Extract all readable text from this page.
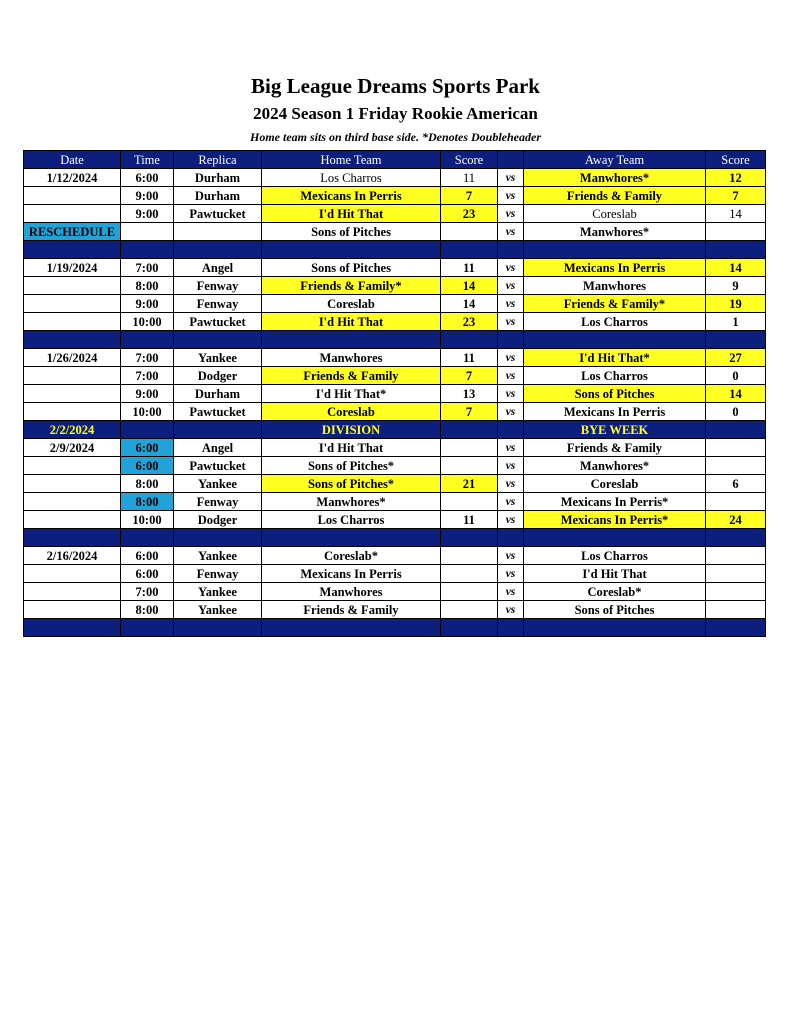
Big League Dreams Sports Park
2024 Season 1 Friday Rookie American
Home team sits on third base side. *Denotes Doubleheader
Date	Time	Replica	Home Team	Score		Away Team	Score
1/12/2024	6:00	Durham	Los Charros	11	vs	Manwhores*	12
	9:00	Durham	Mexicans In Perris	7	vs	Friends & Family	7
	9:00	Pawtucket	I'd Hit That	23	vs	Coreslab	14
RESCHEDULE			Sons of Pitches		vs	Manwhores*	

1/19/2024	7:00	Angel	Sons of Pitches	11	vs	Mexicans In Perris	14
	8:00	Fenway	Friends & Family*	14	vs	Manwhores	9
	9:00	Fenway	Coreslab	14	vs	Friends & Family*	19
	10:00	Pawtucket	I'd Hit That	23	vs	Los Charros	1

1/26/2024	7:00	Yankee	Manwhores	11	vs	I'd Hit That*	27
	7:00	Dodger	Friends & Family	7	vs	Los Charros	0
	9:00	Durham	I'd Hit That*	13	vs	Sons of Pitches	14
	10:00	Pawtucket	Coreslab	7	vs	Mexicans In Perris	0
2/2/2024			DIVISION			BYE WEEK	
2/9/2024	6:00	Angel	I'd Hit That		vs	Friends & Family	
	6:00	Pawtucket	Sons of Pitches*		vs	Manwhores*	
	8:00	Yankee	Sons of Pitches*	21	vs	Coreslab	6
	8:00	Fenway	Manwhores*		vs	Mexicans In Perris*	
	10:00	Dodger	Los Charros	11	vs	Mexicans In Perris*	24

2/16/2024	6:00	Yankee	Coreslab*		vs	Los Charros	
	6:00	Fenway	Mexicans In Perris		vs	I'd Hit That	
	7:00	Yankee	Manwhores		vs	Coreslab*	
	8:00	Yankee	Friends & Family		vs	Sons of Pitches	
